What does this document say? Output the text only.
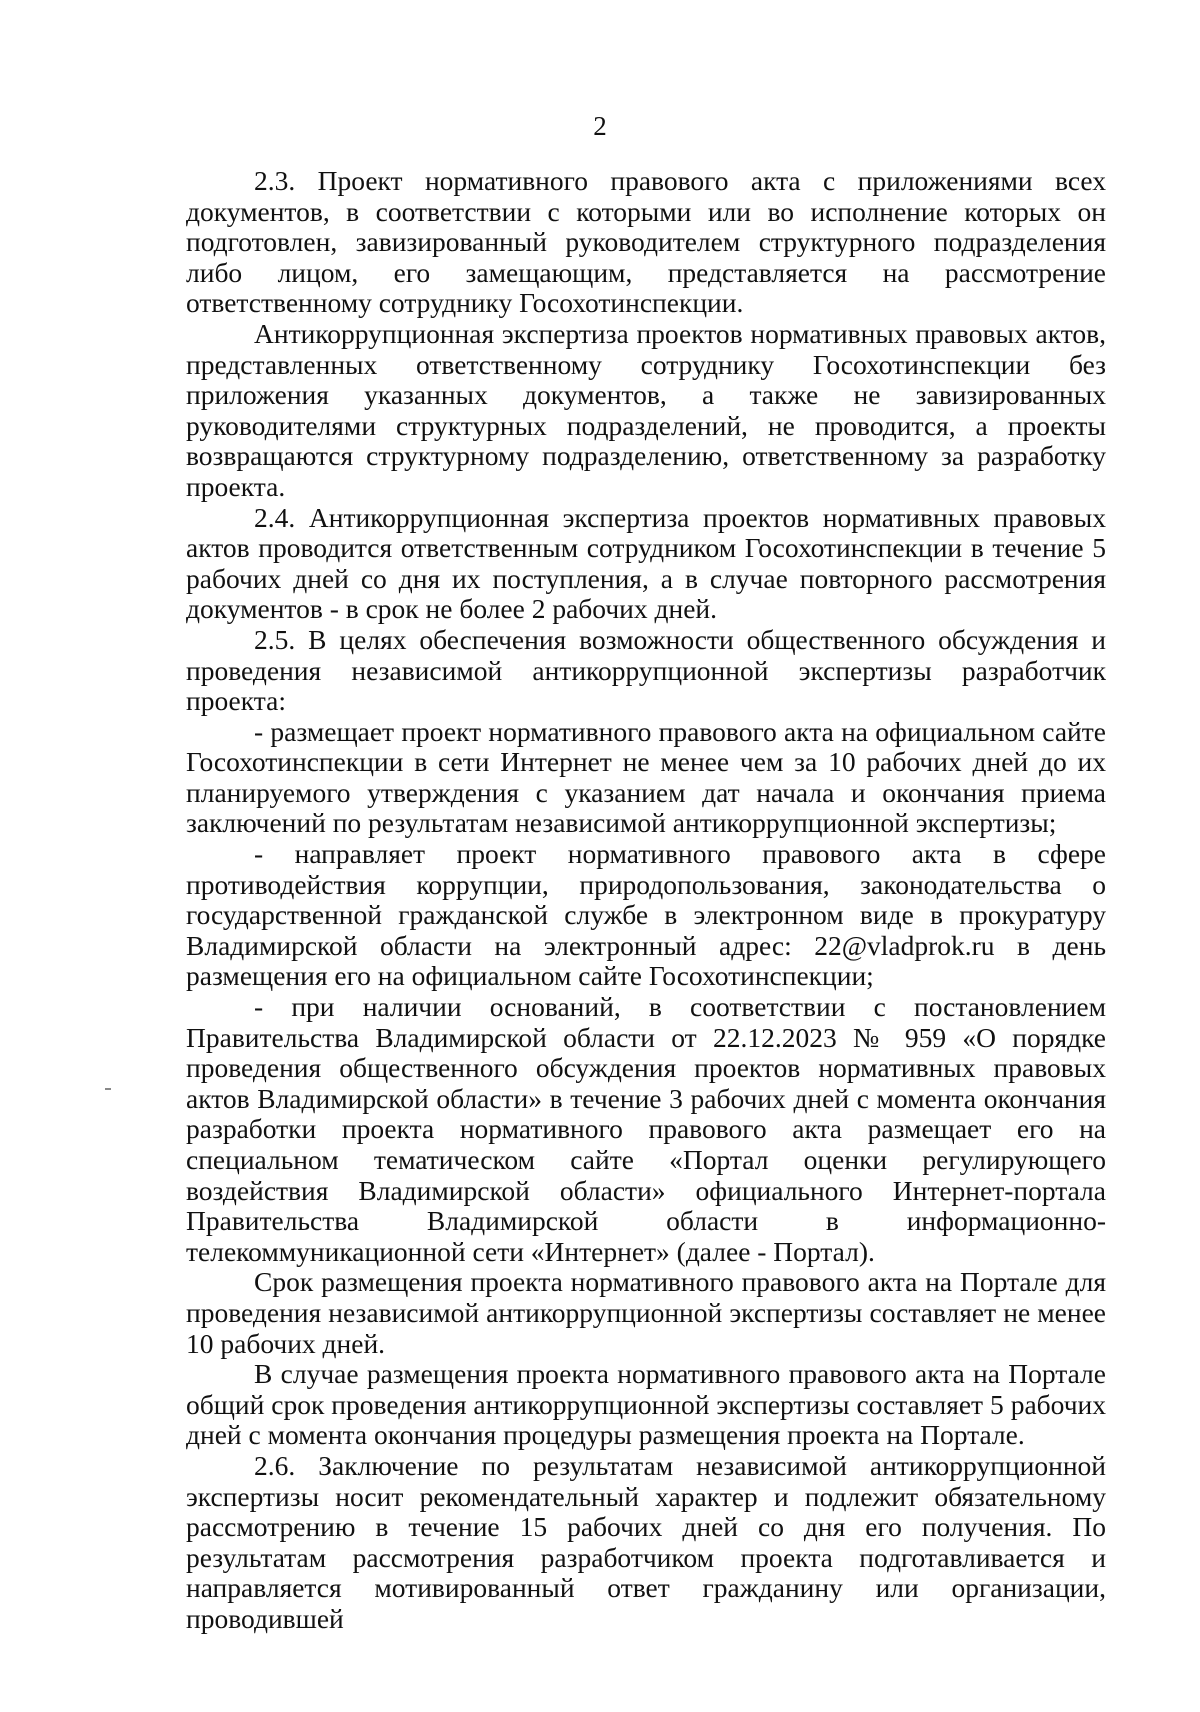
2

2.3. Проект нормативного правового акта с приложениями всех документов, в соответствии с которыми или во исполнение которых он подготовлен, завизированный руководителем структурного подразделения либо лицом, его замещающим, представляется на рассмотрение ответственному сотруднику Госохотинспекции.

Антикоррупционная экспертиза проектов нормативных правовых актов, представленных ответственному сотруднику Госохотинспекции без приложения указанных документов, а также не завизированных руководителями структурных подразделений, не проводится, а проекты возвращаются структурному подразделению, ответственному за разработку проекта.

2.4. Антикоррупционная экспертиза проектов нормативных правовых актов проводится ответственным сотрудником Госохотинспекции в течение 5 рабочих дней со дня их поступления, а в случае повторного рассмотрения документов - в срок не более 2 рабочих дней.

2.5. В целях обеспечения возможности общественного обсуждения и проведения независимой антикоррупционной экспертизы разработчик проекта:

- размещает проект нормативного правового акта на официальном сайте Госохотинспекции в сети Интернет не менее чем за 10 рабочих дней до их планируемого утверждения с указанием дат начала и окончания приема заключений по результатам независимой антикоррупционной экспертизы;

- направляет проект нормативного правового акта в сфере противодействия коррупции, природопользования, законодательства о государственной гражданской службе в электронном виде в прокуратуру Владимирской области на электронный адрес: 22@vladprok.ru в день размещения его на официальном сайте Госохотинспекции;

- при наличии оснований, в соответствии с постановлением Правительства Владимирской области от 22.12.2023 № 959 «О порядке проведения общественного обсуждения проектов нормативных правовых актов Владимирской области» в течение 3 рабочих дней с момента окончания разработки проекта нормативного правового акта размещает его на специальном тематическом сайте «Портал оценки регулирующего воздействия Владимирской области» официального Интернет-портала Правительства Владимирской области в информационно-телекоммуникационной сети «Интернет» (далее - Портал).

Срок размещения проекта нормативного правового акта на Портале для проведения независимой антикоррупционной экспертизы составляет не менее 10 рабочих дней.

В случае размещения проекта нормативного правового акта на Портале общий срок проведения антикоррупционной экспертизы составляет 5 рабочих дней с момента окончания процедуры размещения проекта на Портале.

2.6. Заключение по результатам независимой антикоррупционной экспертизы носит рекомендательный характер и подлежит обязательному рассмотрению в течение 15 рабочих дней со дня его получения. По результатам рассмотрения разработчиком проекта подготавливается и направляется мотивированный ответ гражданину или организации, проводившей
